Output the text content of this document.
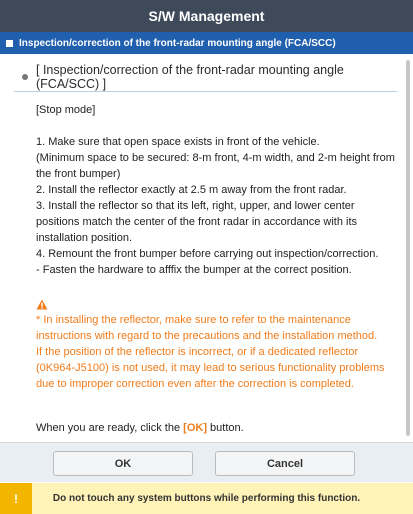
S/W Management
Inspection/correction of the front-radar mounting angle (FCA/SCC)
[ Inspection/correction of the front-radar mounting angle (FCA/SCC) ]

[Stop mode]

1. Make sure that open space exists in front of the vehicle.

(Minimum space to be secured: 8-m front, 4-m width, and 2-m height from the front bumper)

2. Install the reflector exactly at 2.5 m away from the front radar.

3. Install the reflector so that its left, right, upper, and lower center positions match the center of the front radar in accordance with its installation position.

4. Remount the front bumper before carrying out inspection/correction.

- Fasten the hardware to afffix the bumper at the correct position.

* In installing the reflector, make sure to refer to the maintenance instructions with regard to the precautions and the installation method.

If the position of the reflector is incorrect, or if a dedicated reflector (0K964-J5100) is not used, it may lead to serious functionality problems due to improper correction even after the correction is completed.

When you are ready, click the [OK] button.
OK	Cancel
!	Do not touch any system buttons while performing this function.
